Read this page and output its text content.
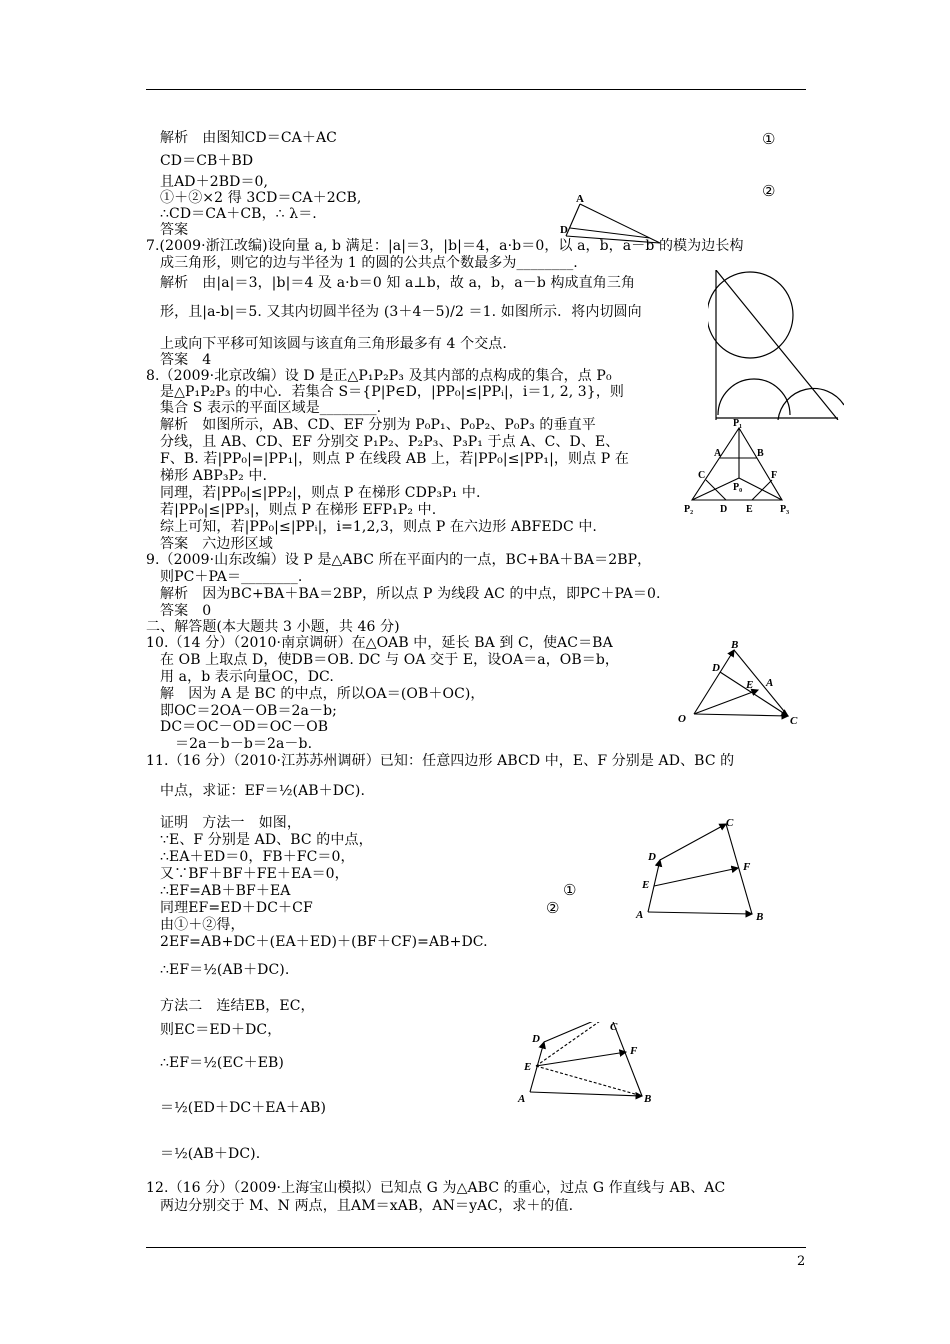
解析　由图知CD＝CA＋AC
CD＝CB＋BD
且AD＋2BD＝0,
①＋②×2 得 3CD＝CA＋2CB,
∴CD＝CA＋CB，∴ λ＝.
答案
7.(2009·浙江改编)设向量 a, b 满足：|a|＝3，|b|＝4，a·b＝0，以 a，b，a－b 的模为边长构
成三角形，则它的边与半径为 1 的圆的公共点个数最多为________.
解析　由|a|＝3，|b|＝4 及 a·b＝0 知 a⊥b，故 a，b，a－b 构成直角三角
形，且|a-b|＝5. 又其内切圆半径为 (3＋4－5)/2 ＝1. 如图所示．将内切圆向
上或向下平移可知该圆与该直角三角形最多有 4 个交点.
答案　4
8.（2009·北京改编）设 D 是正△P₁P₂P₃ 及其内部的点构成的集合，点 P₀
是△P₁P₂P₃ 的中心．若集合 S＝{P|P∈D，|PP₀|≤|PPᵢ|，i＝1, 2, 3}，则
集合 S 表示的平面区域是________.
解析　如图所示，AB、CD、EF 分别为 P₀P₁、P₀P₂、P₀P₃ 的垂直平
分线，且 AB、CD、EF 分别交 P₁P₂、P₂P₃、P₃P₁ 于点 A、C、D、E、
F、B. 若|PP₀|=|PP₁|，则点 P 在线段 AB 上，若|PP₀|≤|PP₁|，则点 P 在
梯形 ABP₃P₂ 中.
同理，若|PP₀|≤|PP₂|，则点 P 在梯形 CDP₃P₁ 中.
若|PP₀|≤|PP₃|，则点 P 在梯形 EFP₁P₂ 中.
综上可知，若|PP₀|≤|PPᵢ|，i=1,2,3，则点 P 在六边形 ABFEDC 中.
答案　六边形区域
9.（2009·山东改编）设 P 是△ABC 所在平面内的一点，BC+BA＋BA＝2BP，
则PC＋PA＝________.
解析　因为BC+BA＋BA＝2BP，所以点 P 为线段 AC 的中点，即PC＋PA＝0.
答案　0
二、解答题(本大题共 3 小题，共 46 分)
10.（14 分）（2010·南京调研）在△OAB 中，延长 BA 到 C，使AC＝BA
在 OB 上取点 D，使DB＝OB. DC 与 OA 交于 E，设OA＝a，OB＝b，
用 a，b 表示向量OC，DC.
解　因为 A 是 BC 的中点，所以OA＝(OB＋OC)，
即OC＝2OA－OB＝2a－b;
DC＝OC－OD＝OC－OB
＝2a－b－b＝2a－b.
11.（16 分）（2010·江苏苏州调研）已知：任意四边形 ABCD 中，E、F 分别是 AD、BC 的
中点，求证：EF＝½(AB＋DC).
证明　方法一　如图，
∵E、F 分别是 AD、BC 的中点，
∴EA＋ED＝0，FB＋FC＝0，
又∵BF＋BF＋FE＋EA＝0，
∴EF=AB＋BF＋EA
同理EF=ED＋DC＋CF
由①＋②得，
2EF=AB+DC＋(EA＋ED)＋(BF＋CF)=AB+DC.
∴EF＝½(AB＋DC).
方法二　连结EB，EC，
则EC＝ED＋DC，
∴EF＝½(EC＋EB)
＝½(ED＋DC＋EA＋AB)
＝½(AB＋DC).
12.（16 分）（2009·上海宝山模拟）已知点 G 为△ABC 的重心，过点 G 作直线与 AB、AC
两边分别交于 M、N 两点，且AM＝xAB，AN＝yAC，求＋的值.
①
②
①
②
2
A
D
P₁
A	B
C	F
P₀
P₂	D E	P₃
B
D
E A
O	C
C
D
F
E
A	B
D
F
E
A	B
C
